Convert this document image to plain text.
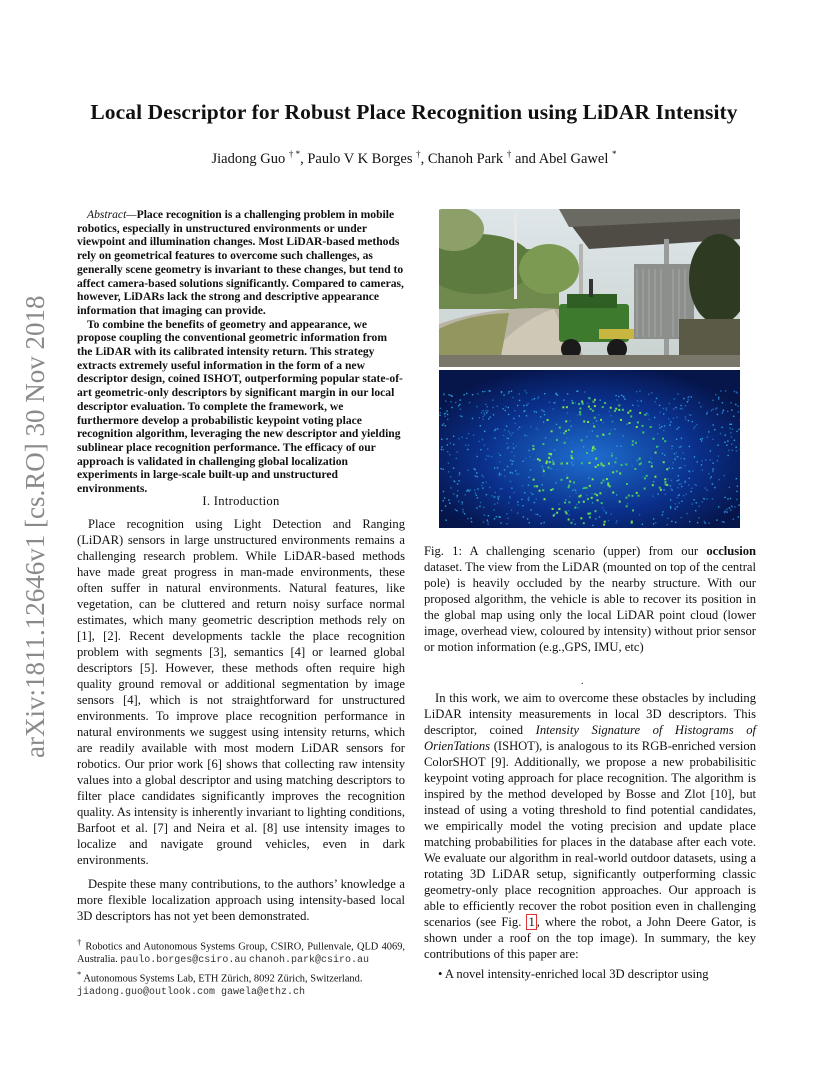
arXiv:1811.12646v1 [cs.RO] 30 Nov 2018
Local Descriptor for Robust Place Recognition using LiDAR Intensity
Jiadong Guo † *, Paulo V K Borges †, Chanoh Park † and Abel Gawel *

Abstract—Place recognition is a challenging problem in mobile robotics, especially in unstructured environments or under viewpoint and illumination changes. Most LiDAR-based methods rely on geometrical features to overcome such challenges, as generally scene geometry is invariant to these changes, but tend to affect camera-based solutions significantly. Compared to cameras, however, LiDARs lack the strong and descriptive appearance information that imaging can provide.

To combine the benefits of geometry and appearance, we propose coupling the conventional geometric information from the LiDAR with its calibrated intensity return. This strategy extracts extremely useful information in the form of a new descriptor design, coined ISHOT, outperforming popular state-of-art geometric-only descriptors by significant margin in our local descriptor evaluation. To complete the framework, we furthermore develop a probabilistic keypoint voting place recognition algorithm, leveraging the new descriptor and yielding sublinear place recognition performance. The efficacy of our approach is validated in challenging global localization experiments in large-scale built-up and unstructured environments.

I. Introduction

Place recognition using Light Detection and Ranging (LiDAR) sensors in large unstructured environments remains a challenging research problem. While LiDAR-based methods have made great progress in man-made environments, these often suffer in natural environments. Natural features, like vegetation, can be cluttered and return noisy surface normal estimates, which many geometric description methods rely on [1], [2]. Recent developments tackle the place recognition problem with segments [3], semantics [4] or learned global descriptors [5]. However, these methods often require high quality ground removal or additional segmentation by image sensors [4], which is not straightforward for unstructured environments. To improve place recognition performance in natural environments we suggest using intensity returns, which are readily available with most modern LiDAR sensors for robotics. Our prior work [6] shows that collecting raw intensity values into a global descriptor and using matching descriptors to filter place candidates significantly improves the recognition quality. As intensity is inherently invariant to lighting conditions, Barfoot et al. [7] and Neira et al. [8] use intensity images to localize and navigate ground vehicles, even in dark environments.

Despite these many contributions, to the authors’ knowledge a more flexible localization approach using intensity-based local 3D descriptors has not yet been demonstrated.

† Robotics and Autonomous Systems Group, CSIRO, Pullenvale, QLD 4069, Australia. paulo.borges@csiro.au chanoh.park@csiro.au

* Autonomous Systems Lab, ETH Zürich, 8092 Zürich, Switzerland.
jiadong.guo@outlook.com gawela@ethz.ch

Fig. 1: A challenging scenario (upper) from our occlusion dataset. The view from the LiDAR (mounted on top of the central pole) is heavily occluded by the nearby structure. With our proposed algorithm, the vehicle is able to recover its position in the global map using only the local LiDAR point cloud (lower image, overhead view, coloured by intensity) without prior sensor or motion information (e.g.,GPS, IMU, etc)
.

In this work, we aim to overcome these obstacles by including LiDAR intensity measurements in local 3D descriptors. This descriptor, coined Intensity Signature of Histograms of OrienTations (ISHOT), is analogous to its RGB-enriched version ColorSHOT [9]. Additionally, we propose a new probabilisitic keypoint voting approach for place recognition. The algorithm is inspired by the method developed by Bosse and Zlot [10], but instead of using a voting threshold to find potential candidates, we empirically model the voting precision and update place matching probabilities for places in the database after each vote. We evaluate our algorithm in real-world outdoor datasets, using a rotating 3D LiDAR setup, significantly outperforming classic geometry-only place recognition approaches. Our approach is able to efficiently recover the robot position even in challenging scenarios (see Fig. 1 , where the robot, a John Deere Gator, is shown under a roof on the top image). In summary, the key contributions of this paper are:

• A novel intensity-enriched local 3D descriptor using
